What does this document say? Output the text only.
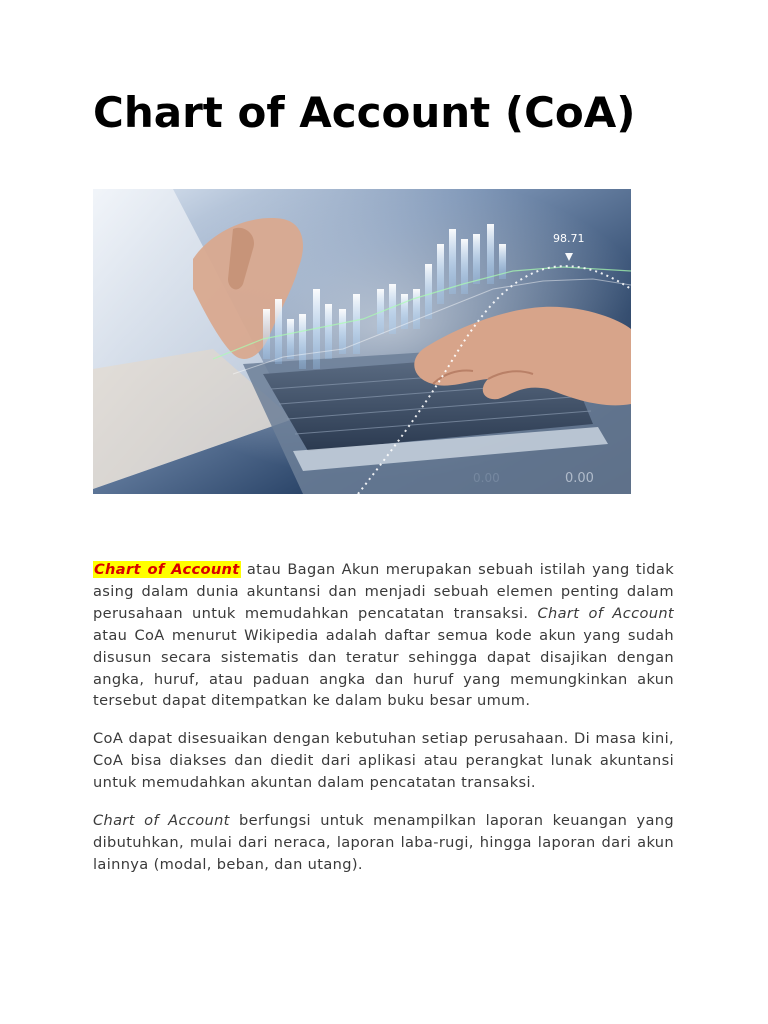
Chart of Account (CoA)
98.71
0.00
0.00

Chart of Account atau Bagan Akun merupakan sebuah istilah yang tidak asing dalam dunia akuntansi dan menjadi sebuah elemen penting dalam perusahaan untuk memudahkan pencatatan transaksi. Chart of Account atau CoA menurut Wikipedia adalah daftar semua kode akun yang sudah disusun secara sistematis dan teratur sehingga dapat disajikan dengan angka, huruf, atau paduan angka dan huruf yang memungkinkan akun tersebut dapat ditempatkan ke dalam buku besar umum.

CoA dapat disesuaikan dengan kebutuhan setiap perusahaan. Di masa kini, CoA bisa diakses dan diedit dari aplikasi atau perangkat lunak akuntansi untuk memudahkan akuntan dalam pencatatan transaksi.

Chart of Account berfungsi untuk menampilkan laporan keuangan yang dibutuhkan, mulai dari neraca, laporan laba-rugi, hingga laporan dari akun lainnya (modal, beban, dan utang).
